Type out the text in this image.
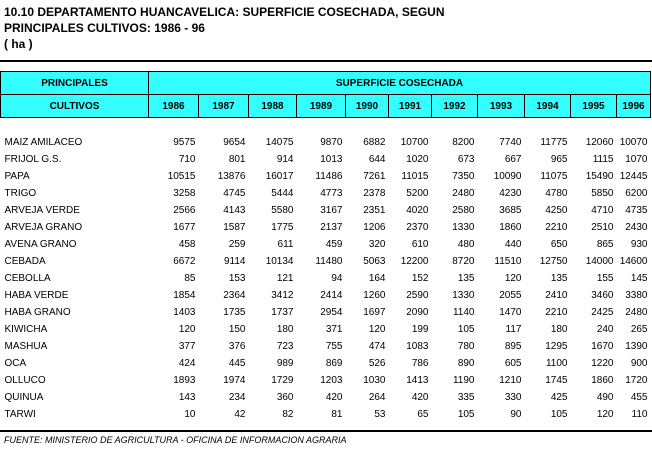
10.10 DEPARTAMENTO HUANCAVELICA: SUPERFICIE COSECHADA, SEGUN
PRINCIPALES CULTIVOS: 1986 - 96
( ha )
PRINCIPALES	SUPERFICIE COSECHADA										
CULTIVOS	1986	1987	1988	1989	1990	1991	1992	1993	1994	1995	1996

MAIZ AMILACEO	9575	9654	14075	9870	6882	10700	8200	7740	11775	12060	10070
FRIJOL G.S.	710	801	914	1013	644	1020	673	667	965	1115	1070
PAPA	10515	13876	16017	11486	7261	11015	7350	10090	11075	15490	12445
TRIGO	3258	4745	5444	4773	2378	5200	2480	4230	4780	5850	6200
ARVEJA VERDE	2566	4143	5580	3167	2351	4020	2580	3685	4250	4710	4735
ARVEJA GRANO	1677	1587	1775	2137	1206	2370	1330	1860	2210	2510	2430
AVENA GRANO	458	259	611	459	320	610	480	440	650	865	930
CEBADA	6672	9114	10134	11480	5063	12200	8720	11510	12750	14000	14600
CEBOLLA	85	153	121	94	164	152	135	120	135	155	145
HABA VERDE	1854	2364	3412	2414	1260	2590	1330	2055	2410	3460	3380
HABA GRANO	1403	1735	1737	2954	1697	2090	1140	1470	2210	2425	2480
KIWICHA	120	150	180	371	120	199	105	117	180	240	265
MASHUA	377	376	723	755	474	1083	780	895	1295	1670	1390
OCA	424	445	989	869	526	786	890	605	1100	1220	900
OLLUCO	1893	1974	1729	1203	1030	1413	1190	1210	1745	1860	1720
QUINUA	143	234	360	420	264	420	335	330	425	490	455
TARWI	10	42	82	81	53	65	105	90	105	120	110
FUENTE: MINISTERIO DE AGRICULTURA - OFICINA DE INFORMACION AGRARIA
